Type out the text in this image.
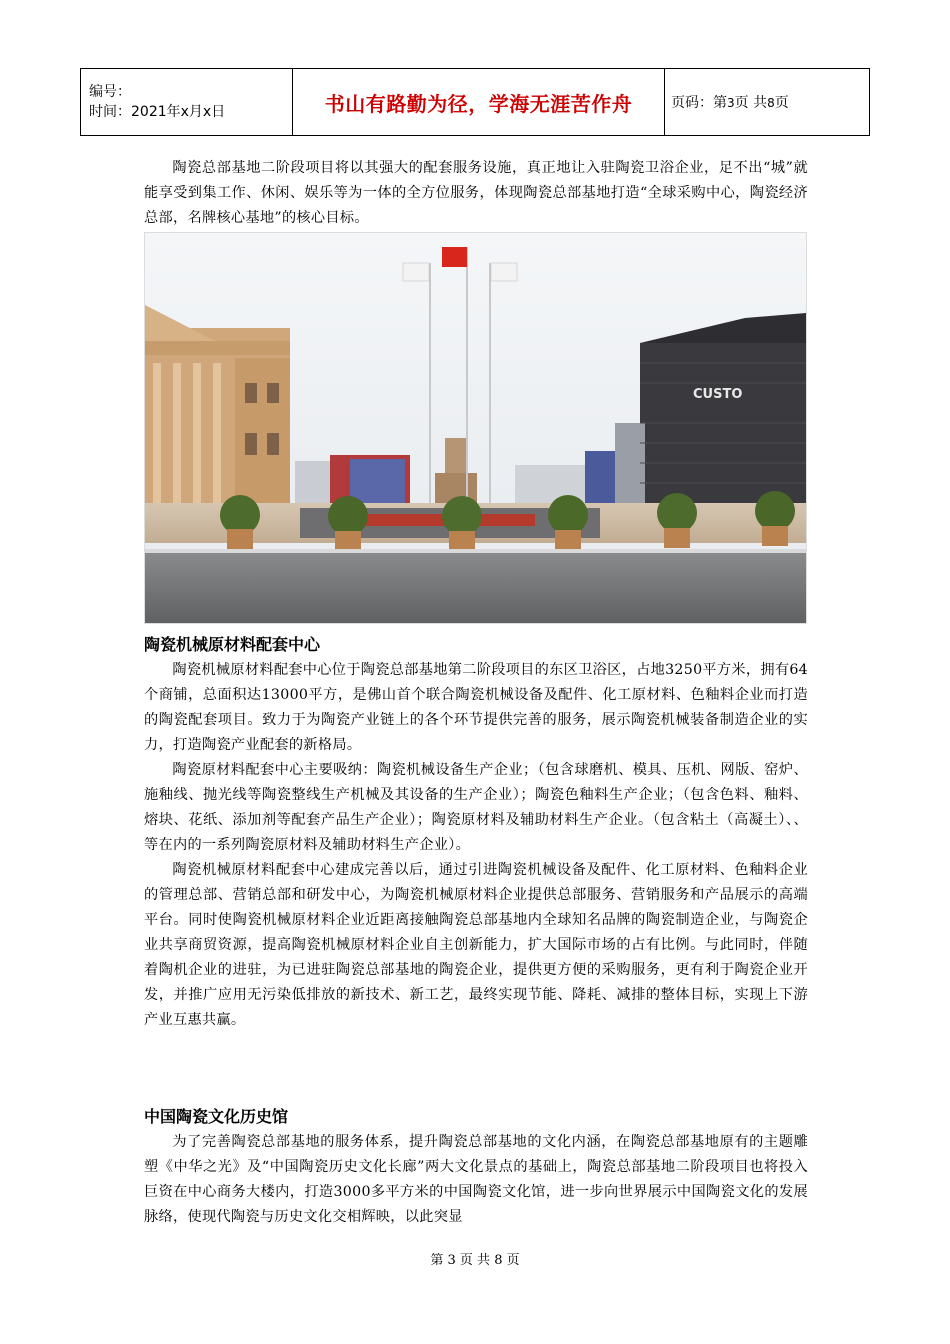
编号：
时间：2021年x月x日	书山有路勤为径，学海无涯苦作舟	页码：第3页 共8页

陶瓷总部基地二阶段项目将以其强大的配套服务设施，真正地让入驻陶瓷卫浴企业，足不出“城”就能享受到集工作、休闲、娱乐等为一体的全方位服务，体现陶瓷总部基地打造“全球采购中心，陶瓷经济总部，名牌核心基地”的核心目标。

CUSTO
陶瓷机械原材料配套中心

陶瓷机械原材料配套中心位于陶瓷总部基地第二阶段项目的东区卫浴区，占地3250平方米，拥有64个商铺，总面积达13000平方，是佛山首个联合陶瓷机械设备及配件、化工原材料、色釉料企业而打造的陶瓷配套项目。致力于为陶瓷产业链上的各个环节提供完善的服务，展示陶瓷机械装备制造企业的实力，打造陶瓷产业配套的新格局。

陶瓷原材料配套中心主要吸纳：陶瓷机械设备生产企业；（包含球磨机、模具、压机、网版、窑炉、施釉线、抛光线等陶瓷整线生产机械及其设备的生产企业）；陶瓷色釉料生产企业；（包含色料、釉料、熔块、花纸、添加剂等配套产品生产企业）；陶瓷原材料及辅助材料生产企业。（包含粘土（高凝土）、、等在内的一系列陶瓷原材料及辅助材料生产企业）。

陶瓷机械原材料配套中心建成完善以后，通过引进陶瓷机械设备及配件、化工原材料、色釉料企业的管理总部、营销总部和研发中心，为陶瓷机械原材料企业提供总部服务、营销服务和产品展示的高端平台。同时使陶瓷机械原材料企业近距离接触陶瓷总部基地内全球知名品牌的陶瓷制造企业，与陶瓷企业共享商贸资源，提高陶瓷机械原材料企业自主创新能力，扩大国际市场的占有比例。与此同时，伴随着陶机企业的进驻，为已进驻陶瓷总部基地的陶瓷企业，提供更方便的采购服务，更有利于陶瓷企业开发，并推广应用无污染低排放的新技术、新工艺，最终实现节能、降耗、减排的整体目标，实现上下游产业互惠共赢。

中国陶瓷文化历史馆

为了完善陶瓷总部基地的服务体系，提升陶瓷总部基地的文化内涵，在陶瓷总部基地原有的主题雕塑《中华之光》及“中国陶瓷历史文化长廊”两大文化景点的基础上，陶瓷总部基地二阶段项目也将投入巨资在中心商务大楼内，打造3000多平方米的中国陶瓷文化馆，进一步向世界展示中国陶瓷文化的发展脉络，使现代陶瓷与历史文化交相辉映，以此突显

第 3 页 共 8 页
